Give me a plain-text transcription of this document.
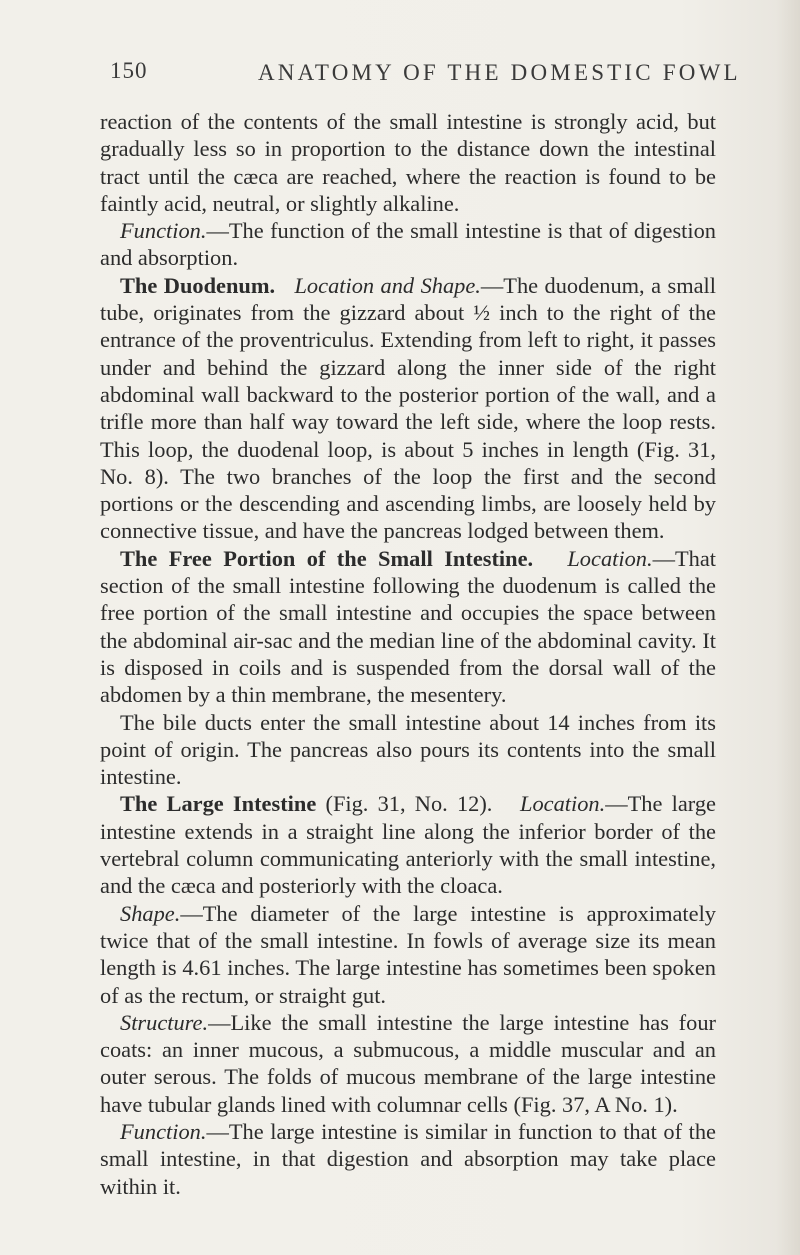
150	ANATOMY OF THE DOMESTIC FOWL

reaction of the contents of the small intestine is strongly acid, but gradually less so in proportion to the distance down the intestinal tract until the cæca are reached, where the reaction is found to be faintly acid, neutral, or slightly alkaline.

Function.—The function of the small intestine is that of digestion and absorption.

The Duodenum. Location and Shape.—The duodenum, a small tube, originates from the gizzard about ½ inch to the right of the entrance of the proventriculus. Extending from left to right, it passes under and behind the gizzard along the inner side of the right abdominal wall backward to the posterior portion of the wall, and a trifle more than half way toward the left side, where the loop rests. This loop, the duodenal loop, is about 5 inches in length (Fig. 31, No. 8). The two branches of the loop the first and the second portions or the descending and ascending limbs, are loosely held by connective tissue, and have the pancreas lodged between them.

The Free Portion of the Small Intestine. Location.—That section of the small intestine following the duodenum is called the free portion of the small intestine and occupies the space between the abdominal air-sac and the median line of the abdominal cavity. It is disposed in coils and is suspended from the dorsal wall of the abdomen by a thin membrane, the mesentery.

The bile ducts enter the small intestine about 14 inches from its point of origin. The pancreas also pours its contents into the small intestine.

The Large Intestine (Fig. 31, No. 12).   Location.—The large intestine extends in a straight line along the inferior border of the vertebral column communicating anteriorly with the small intestine, and the cæca and posteriorly with the cloaca.

Shape.—The diameter of the large intestine is approximately twice that of the small intestine. In fowls of average size its mean length is 4.61 inches. The large intestine has sometimes been spoken of as the rectum, or straight gut.

Structure.—Like the small intestine the large intestine has four coats: an inner mucous, a submucous, a middle muscular and an outer serous. The folds of mucous membrane of the large intestine have tubular glands lined with columnar cells (Fig. 37, A No. 1).

Function.—The large intestine is similar in function to that of the small intestine, in that digestion and absorption may take place within it.
